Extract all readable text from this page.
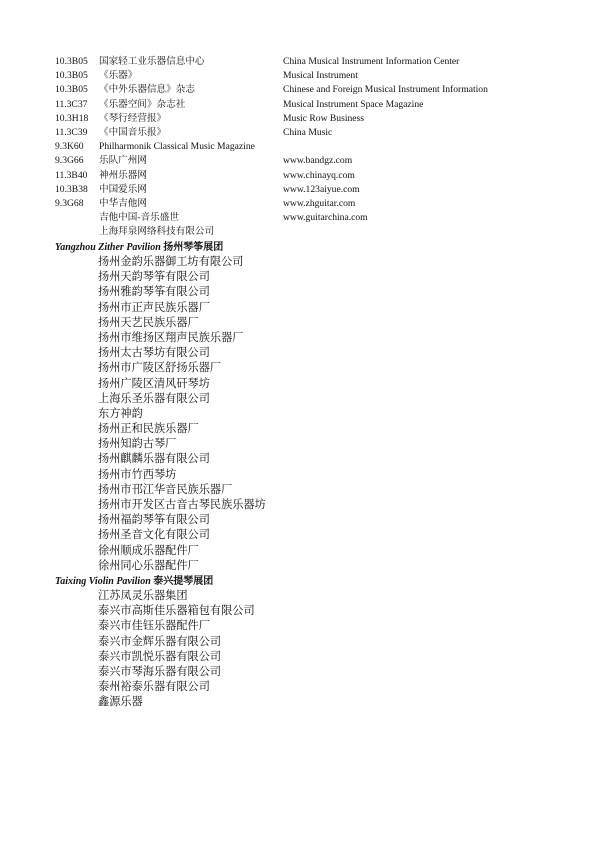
10.3B05 国家轻工业乐器信息中心	China Musical Instrument Information Center
10.3B05 《乐器》	Musical Instrument
10.3B05 《中外乐器信息》杂志	Chinese and Foreign Musical Instrument Information
11.3C37 《乐器空间》杂志社	Musical Instrument Space Magazine
10.3H18 《琴行经营报》	Music Row Business
11.3C39 《中国音乐报》	China Music
9.3K60 Philharmonik Classical Music Magazine
9.3G66 乐队广州网	www.bandgz.com
11.3B40 神州乐器网	www.chinayq.com
10.3B38 中国爱乐网	www.123aiyue.com
9.3G68 中华吉他网	www.zhguitar.com
吉他中国-音乐盛世	www.guitarchina.com
上海拜泉网络科技有限公司
Yangzhou Zither Pavilion 扬州琴筝展团
扬州金韵乐器御工坊有限公司
扬州天韵琴筝有限公司
扬州雅韵琴筝有限公司
扬州市正声民族乐器厂
扬州天艺民族乐器厂
扬州市维扬区翔声民族乐器厂
扬州太古琴坊有限公司
扬州市广陵区舒扬乐器厂
扬州广陵区清风矸琴坊
上海乐圣乐器有限公司
东方神韵
扬州正和民族乐器厂
扬州知韵古琴厂
扬州麒麟乐器有限公司
扬州市竹西琴坊
扬州市邗江华音民族乐器厂
扬州市开发区古音古琴民族乐器坊
扬州福韵琴筝有限公司
扬州圣音文化有限公司
徐州顺成乐器配件厂
徐州同心乐器配件厂
Taixing Violin Pavilion 泰兴提琴展团
江苏凤灵乐器集团
泰兴市高斯佳乐器箱包有限公司
泰兴市佳钰乐器配件厂
泰兴市金辉乐器有限公司
泰兴市凯悦乐器有限公司
泰兴市琴海乐器有限公司
泰州裕泰乐器有限公司
鑫源乐器
